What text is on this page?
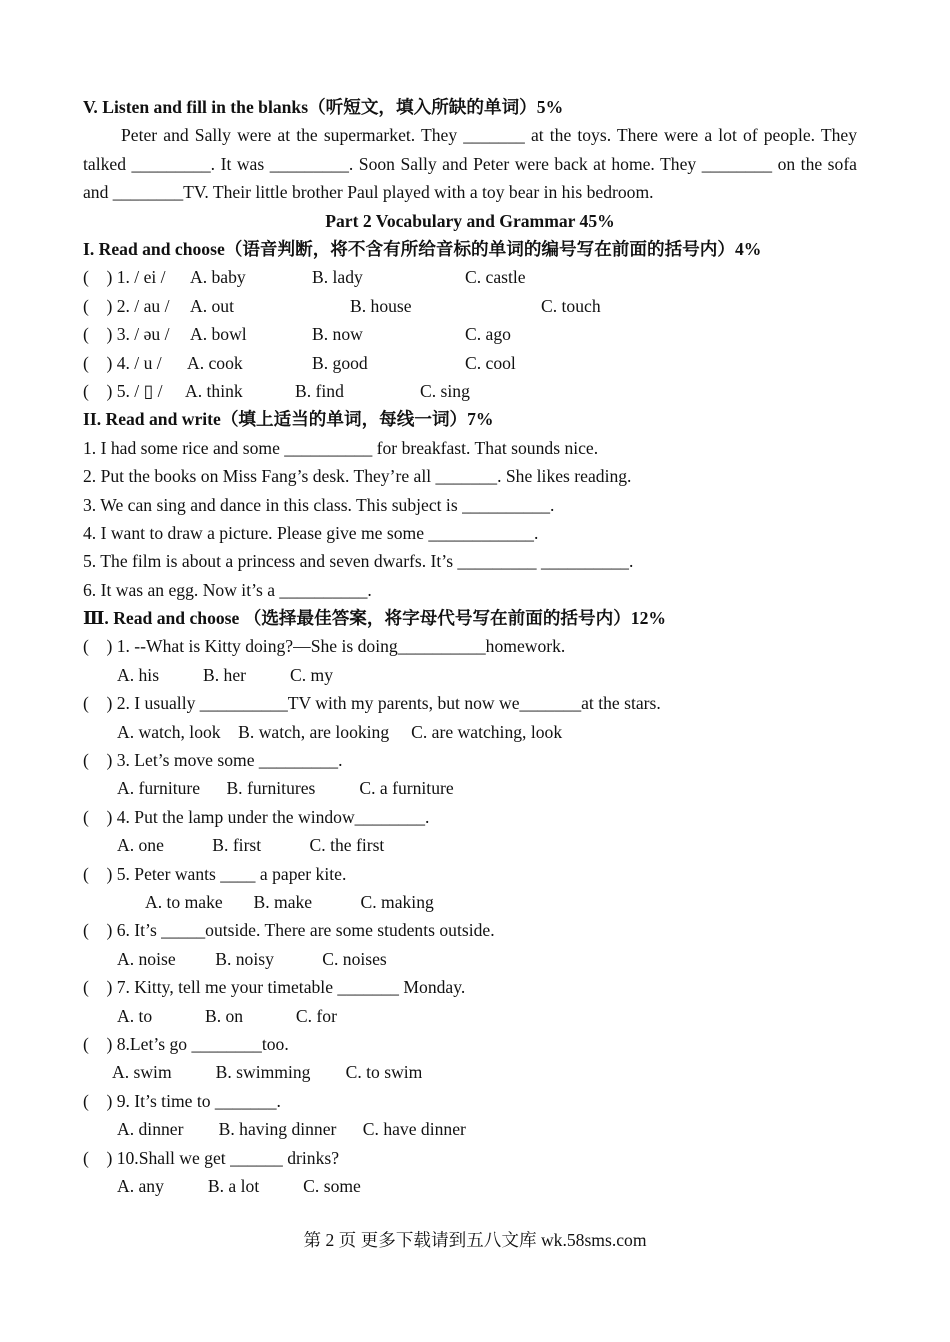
V. Listen and fill in the blanks（听短文，填入所缺的单词）5%
Peter and Sally were at the supermarket. They _______ at the toys. There were a lot of people. They talked _________. It was _________. Soon Sally and Peter were back at home. They ________ on the sofa and ________TV. Their little brother Paul played with a toy bear in his bedroom.
Part 2 Vocabulary and Grammar 45%
I. Read and choose（语音判断，将不含有所给音标的单词的编号写在前面的括号内）4%
(    ) 1. / ei /	A. baby	B. lady	C. castle
(    ) 2. / au /	A. out	B. house	C. touch
(    ) 3. / əu /	A. bowl	B. now	C. ago
(    ) 4. / u /	A. cook	B. good	C. cool
(    ) 5. / ▯ /	A. think	B. find	C. sing
II. Read and write（填上适当的单词，每线一词）7%
1. I had some rice and some __________ for breakfast. That sounds nice.
2. Put the books on Miss Fang’s desk. They’re all _______. She likes reading.
3. We can sing and dance in this class. This subject is __________.
4. I want to draw a picture. Please give me some ____________.
5. The film is about a princess and seven dwarfs. It’s _________ __________.
6. It was an egg. Now it’s a __________.
Ⅲ. Read and choose （选择最佳答案，将字母代号写在前面的括号内）12%
(    ) 1. --What is Kitty doing?—She is doing__________homework.
A. his          B. her          C. my
(    ) 2. I usually __________TV with my parents, but now we_______at the stars.
A. watch, look    B. watch, are looking     C. are watching, look
(    ) 3. Let’s move some _________.
A. furniture      B. furnitures          C. a furniture
(    ) 4. Put the lamp under the window________.
A. one           B. first           C. the first
(    ) 5. Peter wants ____ a paper kite.
A. to make       B. make           C. making
(    ) 6. It’s _____outside. There are some students outside.
A. noise         B. noisy           C. noises
(    ) 7. Kitty, tell me your timetable _______ Monday.
A. to            B. on            C. for
(    ) 8.Let’s go ________too.
A. swim          B. swimming        C. to swim
(    ) 9. It’s time to _______.
A. dinner        B. having dinner      C. have dinner
(    ) 10.Shall we get ______ drinks?
A. any          B. a lot          C. some
第 2 页 更多下载请到五八文库 wk.58sms.com
